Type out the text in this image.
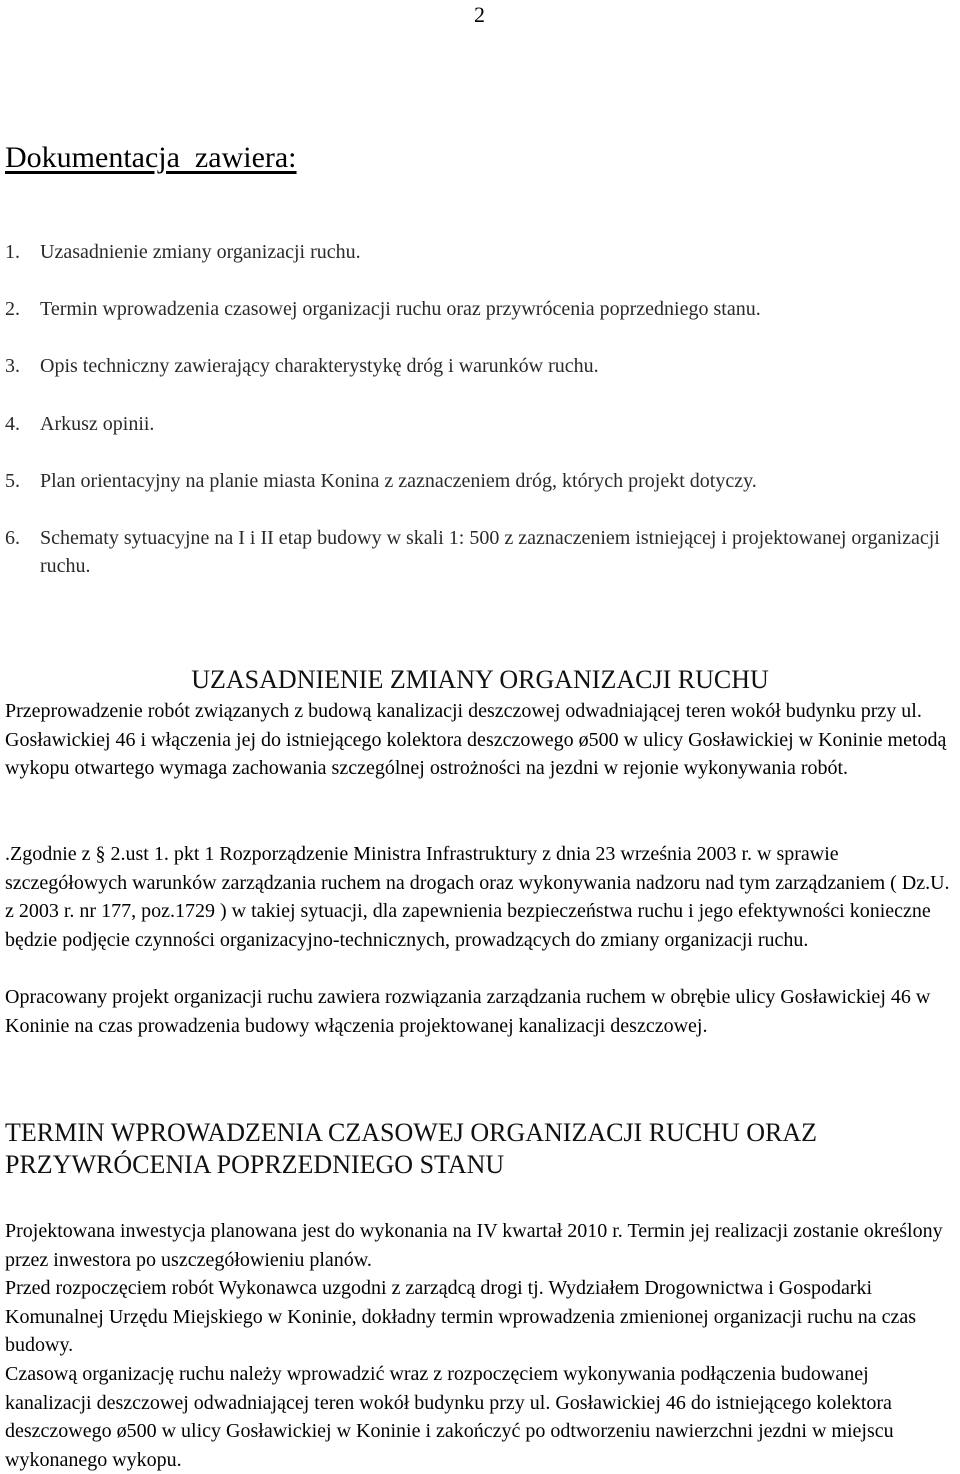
2
Dokumentacja  zawiera:
1. Uzasadnienie zmiany organizacji ruchu.
2. Termin wprowadzenia czasowej organizacji ruchu oraz przywrócenia poprzedniego stanu.
3. Opis techniczny zawierający charakterystykę dróg i warunków ruchu.
4. Arkusz opinii.
5. Plan orientacyjny na planie miasta Konina z zaznaczeniem dróg, których projekt dotyczy.
6. Schematy sytuacyjne na I i II etap budowy w skali 1: 500 z zaznaczeniem istniejącej i projektowanej organizacji ruchu.
UZASADNIENIE ZMIANY ORGANIZACJI RUCHU

Przeprowadzenie robót związanych z budową kanalizacji deszczowej odwadniającej teren wokół budynku przy ul. Gosławickiej 46 i włączenia jej do istniejącego kolektora deszczowego ø500 w ulicy Gosławickiej w Koninie metodą wykopu otwartego wymaga zachowania szczególnej ostrożności na jezdni w rejonie wykonywania robót.

.Zgodnie z § 2.ust 1. pkt 1 Rozporządzenie Ministra Infrastruktury z dnia 23 września 2003 r. w sprawie szczegółowych warunków zarządzania ruchem na drogach oraz wykonywania nadzoru nad tym zarządzaniem ( Dz.U. z 2003 r. nr 177, poz.1729 ) w takiej sytuacji, dla zapewnienia bezpieczeństwa ruchu i jego efektywności konieczne będzie podjęcie czynności organizacyjno-technicznych, prowadzących do zmiany organizacji ruchu.

Opracowany projekt organizacji ruchu zawiera rozwiązania zarządzania ruchem w obrębie ulicy Gosławickiej 46 w Koninie na czas prowadzenia budowy włączenia projektowanej kanalizacji deszczowej.

TERMIN WPROWADZENIA CZASOWEJ ORGANIZACJI RUCHU ORAZ
PRZYWRÓCENIA POPRZEDNIEGO STANU

Projektowana inwestycja planowana jest do wykonania na IV kwartał 2010 r. Termin jej realizacji zostanie określony przez inwestora po uszczegółowieniu planów.

Przed rozpoczęciem robót Wykonawca uzgodni z zarządcą drogi tj. Wydziałem Drogownictwa i Gospodarki Komunalnej Urzędu Miejskiego w Koninie, dokładny termin wprowadzenia zmienionej organizacji ruchu na czas budowy.

Czasową organizację ruchu należy wprowadzić wraz z rozpoczęciem wykonywania podłączenia budowanej kanalizacji deszczowej odwadniającej teren wokół budynku przy ul. Gosławickiej 46 do istniejącego kolektora deszczowego ø500 w ulicy Gosławickiej w Koninie i zakończyć po odtworzeniu nawierzchni jezdni w miejscu wykonanego wykopu.
